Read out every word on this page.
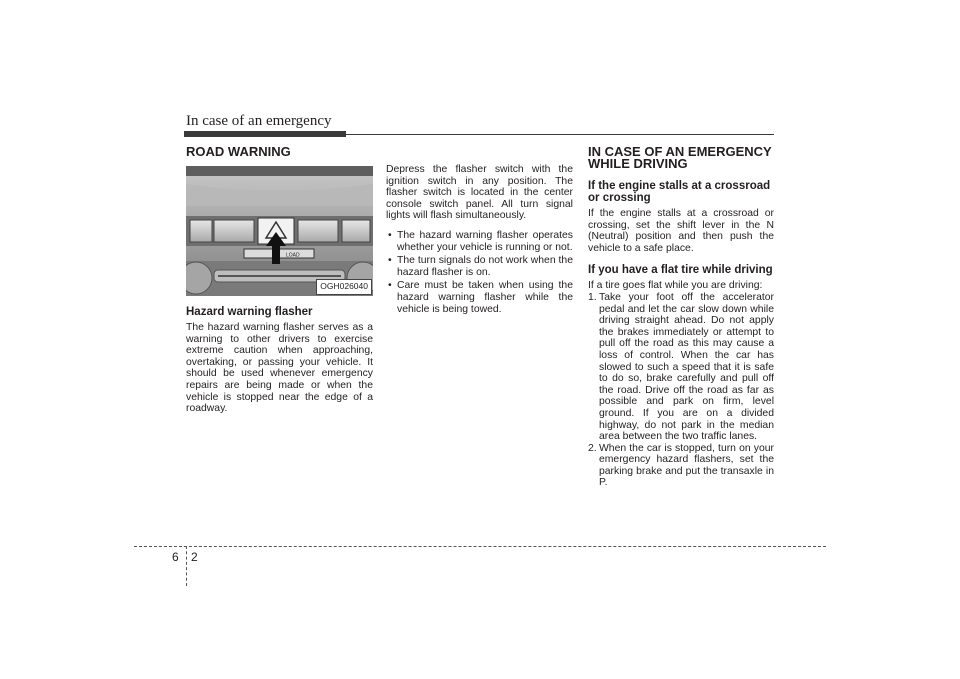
In case of an emergency
ROAD WARNING
LOAD
OGH026040
Hazard warning flasher

The hazard warning flasher serves as a warning to other drivers to exercise extreme caution when approaching, overtaking, or passing your vehicle. It should be used whenever emergency repairs are being made or when the vehicle is stopped near the edge of a roadway.

Depress the flasher switch with the ignition switch in any position. The flasher switch is located in the center console switch panel. All turn signal lights will flash simultaneously.

• The hazard warning flasher operates whether your vehicle is running or not.
• The turn signals do not work when the hazard flasher is on.
• Care must be taken when using the hazard warning flasher while the vehicle is being towed.
IN CASE OF AN EMERGENCY WHILE DRIVING
If the engine stalls at a crossroad or crossing

If the engine stalls at a crossroad or crossing, set the shift lever in the N (Neutral) position and then push the vehicle to a safe place.

If you have a flat tire while driving

If a tire goes flat while you are driving:

1. Take your foot off the accelerator pedal and let the car slow down while driving straight ahead. Do not apply the brakes immediately or attempt to pull off the road as this may cause a loss of control. When the car has slowed to such a speed that it is safe to do so, brake carefully and pull off the road. Drive off the road as far as possible and park on firm, level ground. If you are on a divided highway, do not park in the median area between the two traffic lanes.
2. When the car is stopped, turn on your emergency hazard flashers, set the parking brake and put the transaxle in P.
6 2
